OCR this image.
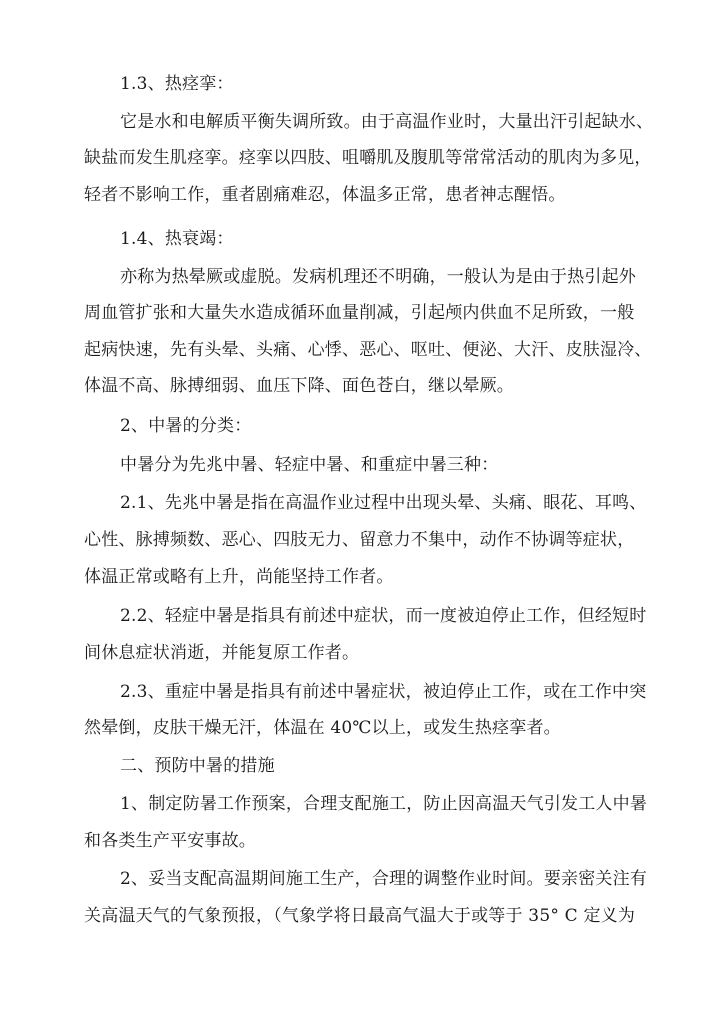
1.3、热痉挛：
它是水和电解质平衡失调所致。由于高温作业时，大量出汗引起缺水、
缺盐而发生肌痉挛。痉挛以四肢、咀嚼肌及腹肌等常常活动的肌肉为多见，
轻者不影响工作，重者剧痛难忍，体温多正常，患者神志醒悟。
1.4、热衰竭：
亦称为热晕厥或虚脱。发病机理还不明确，一般认为是由于热引起外
周血管扩张和大量失水造成循环血量削减，引起颅内供血不足所致，一般
起病快速，先有头晕、头痛、心悸、恶心、呕吐、便泌、大汗、皮肤湿冷、
体温不高、脉搏细弱、血压下降、面色苍白，继以晕厥。
2、中暑的分类：
中暑分为先兆中暑、轻症中暑、和重症中暑三种：
2.1、先兆中暑是指在高温作业过程中出现头晕、头痛、眼花、耳鸣、
心性、脉搏频数、恶心、四肢无力、留意力不集中，动作不协调等症状，
体温正常或略有上升，尚能坚持工作者。
2.2、轻症中暑是指具有前述中症状，而一度被迫停止工作，但经短时
间休息症状消逝，并能复原工作者。
2.3、重症中暑是指具有前述中暑症状，被迫停止工作，或在工作中突
然晕倒，皮肤干燥无汗，体温在 40℃以上，或发生热痉挛者。
二、预防中暑的措施
1、制定防暑工作预案，合理支配施工，防止因高温天气引发工人中暑
和各类生产平安事故。
2、妥当支配高温期间施工生产，合理的调整作业时间。要亲密关注有
关高温天气的气象预报，（气象学将日最高气温大于或等于 35° C 定义为
